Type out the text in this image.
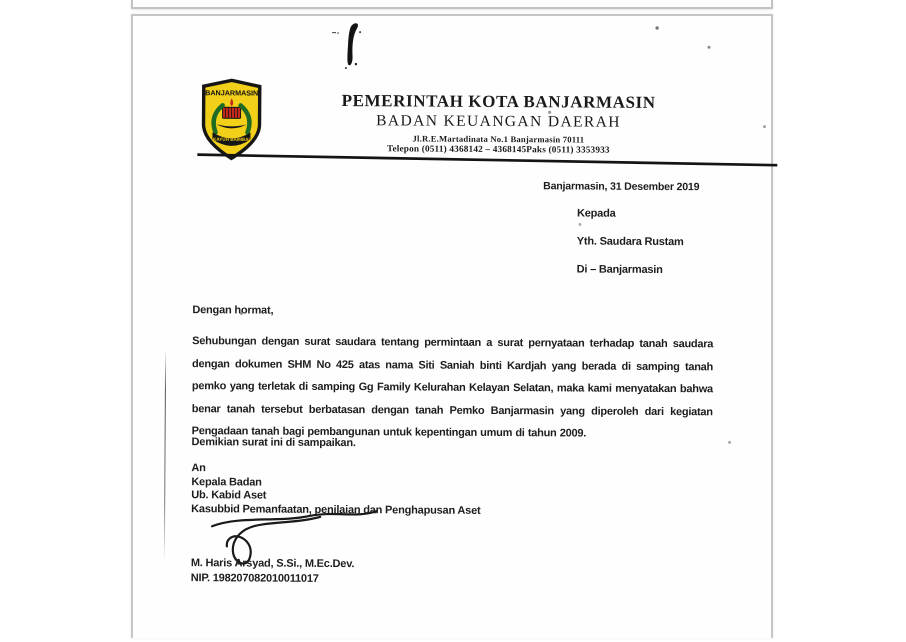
BANJARMASIN
KAYUH BAIMBAI
PEMERINTAH KOTA BANJARMASIN
BADAN KEUANGAN DAERAH
Jl.R.E.Martadinata No.1 Banjarmasin 70111
Telepon (0511) 4368142 – 4368145Paks (0511) 3353933
Banjarmasin, 31 Desember 2019
Kepada
Yth. Saudara Rustam
Di – Banjarmasin
Dengan hormat,
Sehubungan dengan surat saudara tentang permintaan a surat pernyataan terhadap tanah saudara dengan dokumen SHM No 425 atas nama Siti Saniah binti Kardjah yang berada di samping tanah pemko yang terletak di samping Gg Family Kelurahan Kelayan Selatan, maka kami menyatakan bahwa benar tanah tersebut berbatasan dengan tanah Pemko Banjarmasin yang diperoleh dari kegiatan Pengadaan tanah bagi pembangunan untuk kepentingan umum di tahun 2009.
Demikian surat ini di sampaikan.
An
Kepala Badan
Ub. Kabid Aset
Kasubbid Pemanfaatan, penilaian dan Penghapusan Aset
M. Haris Arsyad, S.Si., M.Ec.Dev.
NIP. 198207082010011017
